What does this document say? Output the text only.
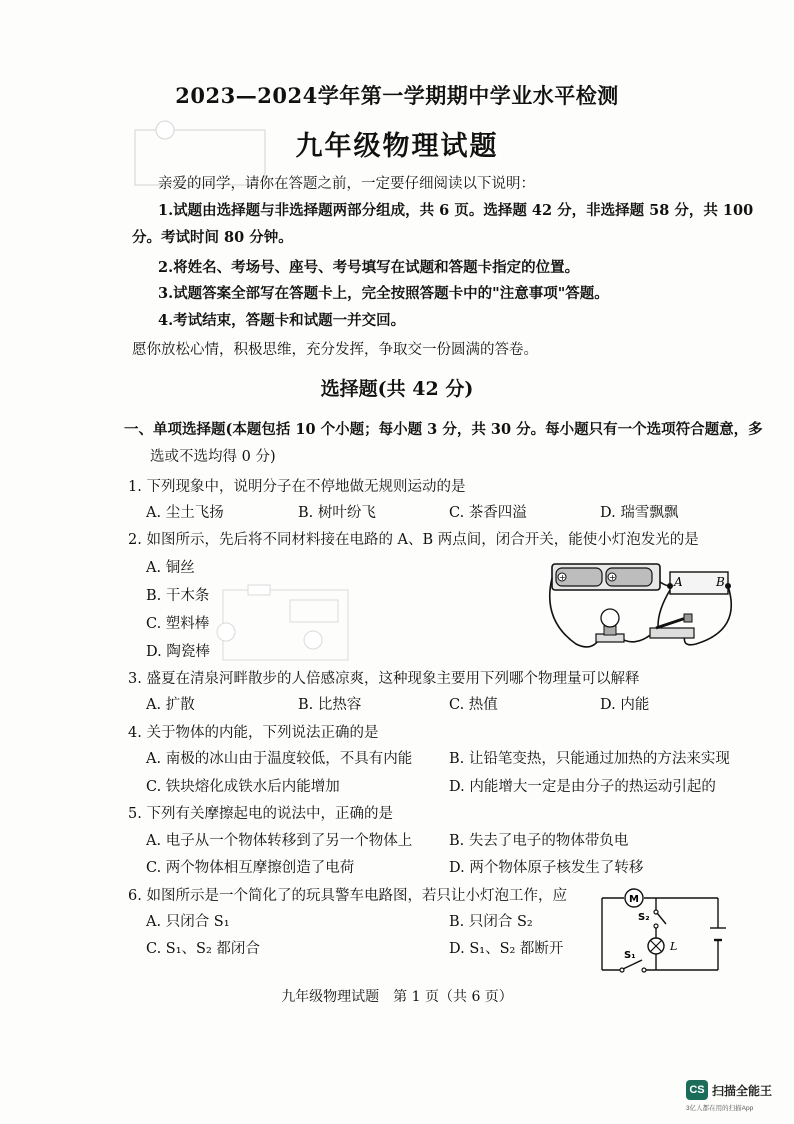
2023—2024学年第一学期期中学业水平检测
九年级物理试题
亲爱的同学，请你在答题之前，一定要仔细阅读以下说明：
1.试题由选择题与非选择题两部分组成，共 6 页。选择题 42 分，非选择题 58 分，共 100
分。考试时间 80 分钟。
2.将姓名、考场号、座号、考号填写在试题和答题卡指定的位置。
3.试题答案全部写在答题卡上，完全按照答题卡中的"注意事项"答题。
4.考试结束，答题卡和试题一并交回。
愿你放松心情，积极思维，充分发挥，争取交一份圆满的答卷。
选择题(共 42 分)
一、单项选择题(本题包括 10 个小题；每小题 3 分，共 30 分。每小题只有一个选项符合题意，多
选或不选均得 0 分)
1. 下列现象中，说明分子在不停地做无规则运动的是
A. 尘土飞扬	B. 树叶纷飞	C. 茶香四溢	D. 瑞雪飘飘
2. 如图所示，先后将不同材料接在电路的 A、B 两点间，闭合开关，能使小灯泡发光的是
A. 铜丝
B. 干木条
C. 塑料棒
D. 陶瓷棒
+	+	A	B
3. 盛夏在清泉河畔散步的人倍感凉爽，这种现象主要用下列哪个物理量可以解释
A. 扩散	B. 比热容	C. 热值	D. 内能
4. 关于物体的内能，下列说法正确的是
A. 南极的冰山由于温度较低，不具有内能	B. 让铅笔变热，只能通过加热的方法来实现
C. 铁块熔化成铁水后内能增加	D. 内能增大一定是由分子的热运动引起的
5. 下列有关摩擦起电的说法中，正确的是
A. 电子从一个物体转移到了另一个物体上	B. 失去了电子的物体带负电
C. 两个物体相互摩擦创造了电荷	D. 两个物体原子核发生了转移
6. 如图所示是一个简化了的玩具警车电路图，若只让小灯泡工作，应
A. 只闭合 S₁	B. 只闭合 S₂
C. S₁、S₂ 都闭合	D. S₁、S₂ 都断开
M
S₁
S₂
L
九年级物理试题　第 1 页（共 6 页）
CS 扫描全能王
3亿人都在用的扫描App
